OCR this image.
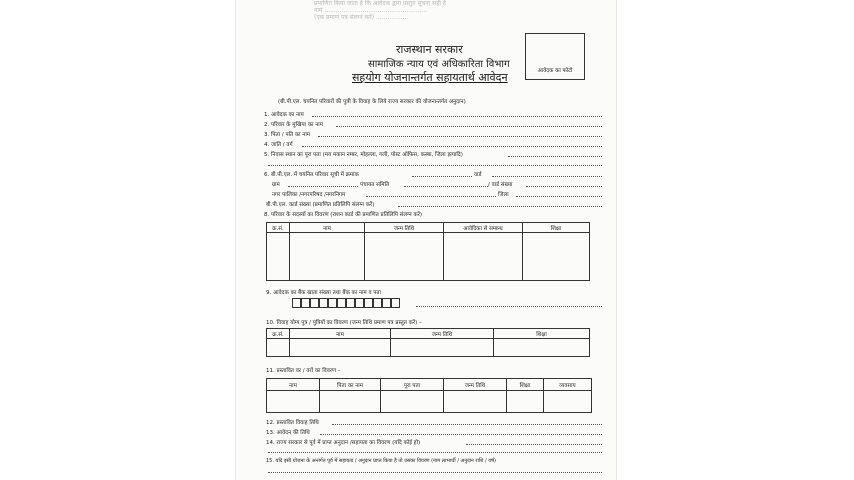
प्रमाणित किया जाता है कि आवेदक द्वारा प्रस्तुत सूचना सही है
नाम ......................................................
(एक प्रमाण पत्र संलग्न करें) .................
राजस्थान सरकार
सामाजिक न्याय एवं अधिकारिता विभाग
सहयोग योजनान्तर्गत सहायतार्थ आवेदन	आवेदक का फोटो
(बी.पी.एल. चयनित परिवारों की पुत्री के विवाह के लिये राज्य सरकार की योजनान्तर्गत अनुदान)
1. आवेदक का नाम
2. परिवार के मुखिया का नाम
3. पिता / पति का नाम
4. जाति / वर्ग
5. निवास स्थान का पूरा पता (मय मकान नम्बर, मोहल्ला, गली, पोस्ट ऑफिस, कस्बा, जिला इत्यादि)
6. बी.पी.एल. में चयनित परिवार सूची में क्रमांक	वार्ड
ग्राम	पंचायत समिति	/ वार्ड संख्या
नगर पालिका /नगरपरिषद /नगरनिगम	जिला
बी.पी.एल. कार्ड संख्या (प्रमाणित प्रतिलिपि संलग्न करें)
8. परिवार के सदस्यों का विवरण (राशन कार्ड की प्रमाणित प्रतिलिपि संलग्न करें)
क्र.सं.	नाम	जन्म तिथि	आवेदिका से सम्बन्ध	शिक्षा

9. आवेदक का बैंक खाता संख्या तथा बैंक का नाम व पता
10. विवाह योग्य पुत्र / पुत्रियों का विवरण (जन्म तिथि प्रमाण पत्र प्रस्तुत करें) –
क्र.सं.	नाम	जन्म तिथि	शिक्षा

11. प्रस्तावित वर / वरों का विवरण –
नाम	पिता का नाम	पूरा पता	जन्म तिथि	शिक्षा	व्यवसाय

12. प्रस्तावित विवाह तिथि
13. आवेदन की तिथि
14. राज्य सरकार से पूर्व में प्राप्त अनुदान /सहायता का विवरण (यदि कोई हो)
15. यदि इसी योजना के अन्तर्गत पूर्व में सहायता / अनुदान प्राप्त किया है तो उसका विवरण (नाम लाभार्थी / अनुदान राशि / वर्ष)
